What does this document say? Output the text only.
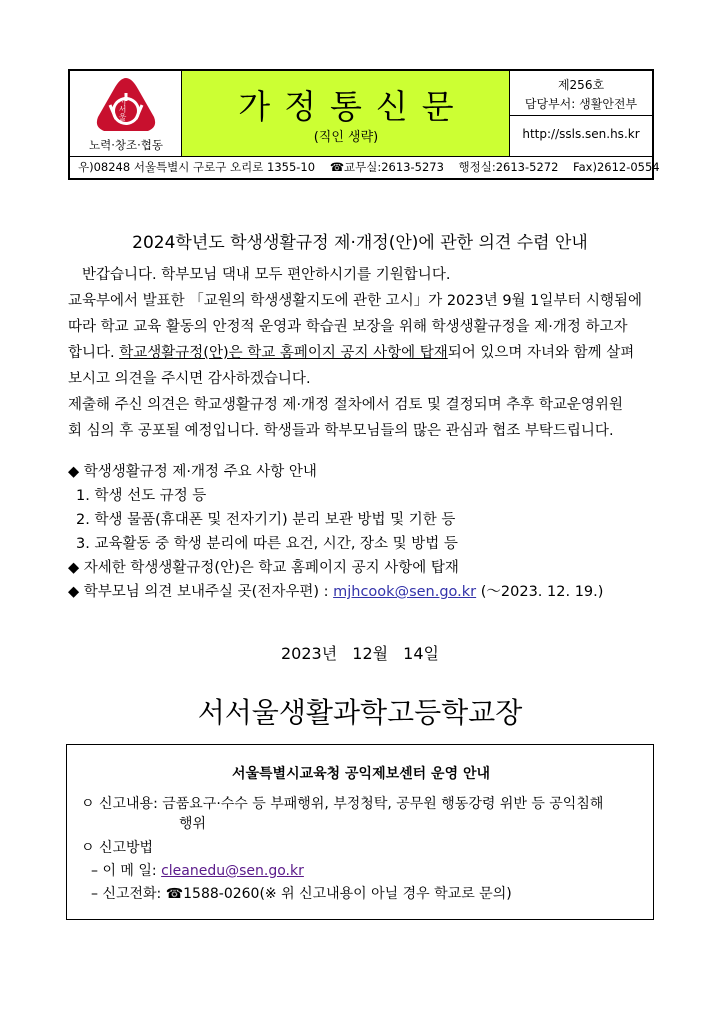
서서울
노력·창조·협동
가정통신문
(직인 생략)
제256호
담당부서: 생활안전부
http://ssls.sen.hs.kr
우)08248 서울특별시 구로구 오리로 1355-10 ☎교무실:2613-5273 행정실:2613-5272 Fax)2612-0554
2024학년도 학생생활규정 제·개정(안)에 관한 의견 수렴 안내
반갑습니다. 학부모님 댁내 모두 편안하시기를 기원합니다.
교육부에서 발표한 「교원의 학생생활지도에 관한 고시」가 2023년 9월 1일부터 시행됨에
따라 학교 교육 활동의 안정적 운영과 학습권 보장을 위해 학생생활규정을 제·개정 하고자
합니다. 학교생활규정(안)은 학교 홈페이지 공지 사항에 탑재되어 있으며 자녀와 함께 살펴
보시고 의견을 주시면 감사하겠습니다.
제출해 주신 의견은 학교생활규정 제·개정 절차에서 검토 및 결정되며 추후 학교운영위원
회 심의 후 공포될 예정입니다. 학생들과 학부모님들의 많은 관심과 협조 부탁드립니다.
◆ 학생생활규정 제·개정 주요 사항 안내
1. 학생 선도 규정 등
2. 학생 물품(휴대폰 및 전자기기) 분리 보관 방법 및 기한 등
3. 교육활동 중 학생 분리에 따른 요건, 시간, 장소 및 방법 등
◆ 자세한 학생생활규정(안)은 학교 홈페이지 공지 사항에 탑재
◆ 학부모님 의견 보내주실 곳(전자우편) : mjhcook@sen.go.kr (～2023. 12. 19.)
2023년 12월 14일
서서울생활과학고등학교장
서울특별시교육청 공익제보센터 운영 안내
ㅇ 신고내용: 금품요구·수수 등 부패행위, 부정청탁, 공무원 행동강령 위반 등 공익침해
행위
ㅇ 신고방법
– 이 메 일: cleanedu@sen.go.kr
– 신고전화: ☎1588-0260(※ 위 신고내용이 아닐 경우 학교로 문의)
